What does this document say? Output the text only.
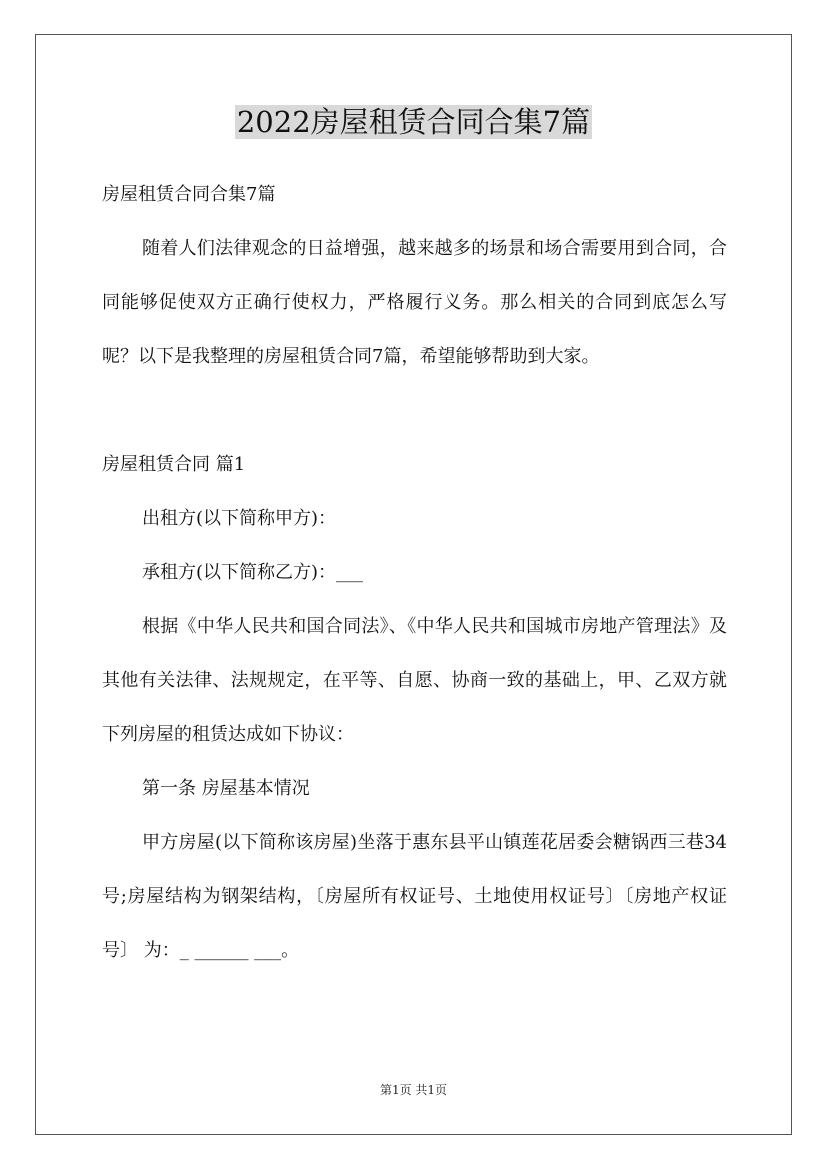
2022房屋租赁合同合集7篇

房屋租赁合同合集7篇

随着人们法律观念的日益增强，越来越多的场景和场合需要用到合同，合同能够促使双方正确行使权力，严格履行义务。那么相关的合同到底怎么写呢？以下是我整理的房屋租赁合同7篇，希望能够帮助到大家。

房屋租赁合同 篇1

出租方(以下简称甲方)：

承租方(以下简称乙方)：___

根据《中华人民共和国合同法》、《中华人民共和国城市房地产管理法》及其他有关法律、法规规定，在平等、自愿、协商一致的基础上，甲、乙双方就下列房屋的租赁达成如下协议：

第一条 房屋基本情况

甲方房屋(以下简称该房屋)坐落于惠东县平山镇莲花居委会糖锅西三巷34号;房屋结构为钢架结构，〔房屋所有权证号、土地使用权证号〕〔房地产权证号〕 为：_ ______ ___。

第1页 共1页
